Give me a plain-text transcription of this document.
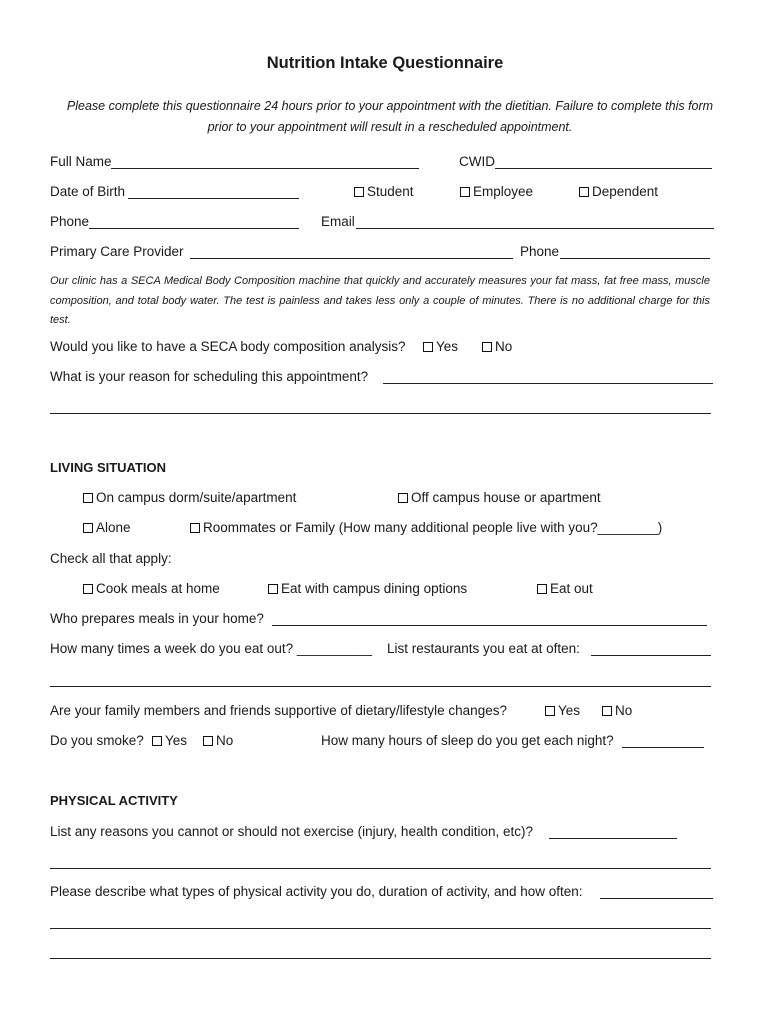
Nutrition Intake Questionnaire
Please complete this questionnaire 24 hours prior to your appointment with the dietitian. Failure to complete this form prior to your appointment will result in a rescheduled appointment.
Full Name	CWID
Date of Birth	Student	Employee	Dependent
Phone	Email
Primary Care Provider	Phone
Our clinic has a SECA Medical Body Composition machine that quickly and accurately measures your fat mass, fat free mass, muscle composition, and total body water. The test is painless and takes less only a couple of minutes. There is no additional charge for this test.
Would you like to have a SECA body composition analysis? Yes	No
What is your reason for scheduling this appointment?
LIVING SITUATION
On campus dorm/suite/apartment	Off campus house or apartment
Alone	Roommates or Family (How many additional people live with you?________)
Check all that apply:
Cook meals at home	Eat with campus dining options	Eat out
Who prepares meals in your home?
How many times a week do you eat out? __________ List restaurants you eat at often:
Are your family members and friends supportive of dietary/lifestyle changes?	Yes	No
Do you smoke? Yes No	How many hours of sleep do you get each night?
PHYSICAL ACTIVITY
List any reasons you cannot or should not exercise (injury, health condition, etc)?
Please describe what types of physical activity you do, duration of activity, and how often:
